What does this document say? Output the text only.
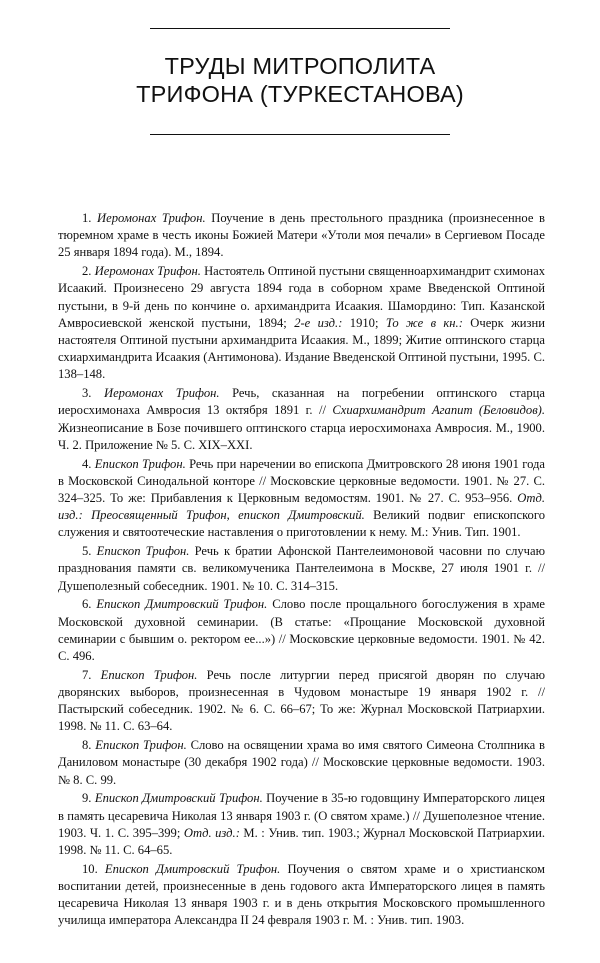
ТРУДЫ МИТРОПОЛИТА
ТРИФОНА (ТУРКЕСТАНОВА)

1. Иеромонах Трифон. Поучение в день престольного праздника (произнесенное в тюремном храме в честь иконы Божией Матери «Утоли моя печали» в Сергиевом Посаде 25 января 1894 года). М., 1894.

2. Иеромонах Трифон. Настоятель Оптиной пустыни священноархимандрит схимонах Исаакий. Произнесено 29 августа 1894 года в соборном храме Введенской Оптиной пустыни, в 9-й день по кончине о. архимандрита Исаакия. Шамордино: Тип. Казанской Амвросиевской женской пустыни, 1894; 2-е изд.: 1910; То же в кн.: Очерк жизни настоятеля Оптиной пустыни архимандрита Исаакия. М., 1899; Житие оптинского старца схиархимандрита Исаакия (Антимонова). Издание Введенской Оптиной пустыни, 1995. С. 138–148.

3. Иеромонах Трифон. Речь, сказанная на погребении оптинского старца иеросхимонаха Амвросия 13 октября 1891 г. // Схиархимандрит Агапит (Беловидов). Жизнеописание в Бозе почившего оптинского старца иеросхимонаха Амвросия. М., 1900. Ч. 2. Приложение № 5. С. XIX–XXI.

4. Епископ Трифон. Речь при наречении во епископа Дмитровского 28 июня 1901 года в Московской Синодальной конторе // Московские церковные ведомости. 1901. № 27. С. 324–325. То же: Прибавления к Церковным ведомостям. 1901. № 27. С. 953–956. Отд. изд.: Преосвященный Трифон, епископ Дмитровский. Великий подвиг епископского служения и святоотеческие наставления о приготовлении к нему. М.: Унив. Тип. 1901.

5. Епископ Трифон. Речь к братии Афонской Пантелеимоновой часовни по случаю празднования памяти св. великомученика Пантелеимона в Москве, 27 июля 1901 г. // Душеполезный собеседник. 1901. № 10. С. 314–315.

6. Епископ Дмитровский Трифон. Слово после прощального богослужения в храме Московской духовной семинарии. (В статье: «Прощание Московской духовной семинарии с бывшим о. ректором ее...») // Московские церковные ведомости. 1901. № 42. С. 496.

7. Епископ Трифон. Речь после литургии перед присягой дворян по случаю дворянских выборов, произнесенная в Чудовом монастыре 19 января 1902 г. // Пастырский собеседник. 1902. № 6. С. 66–67; То же: Журнал Московской Патриархии. 1998. № 11. С. 63–64.

8. Епископ Трифон. Слово на освящении храма во имя святого Симеона Столпника в Даниловом монастыре (30 декабря 1902 года) // Московские церковные ведомости. 1903. № 8. С. 99.

9. Епископ Дмитровский Трифон. Поучение в 35-ю годовщину Императорского лицея в память цесаревича Николая 13 января 1903 г. (О святом храме.) // Душеполезное чтение. 1903. Ч. 1. С. 395–399; Отд. изд.: М. : Унив. тип. 1903.; Журнал Московской Патриархии. 1998. № 11. С. 64–65.

10. Епископ Дмитровский Трифон. Поучения о святом храме и о христианском воспитании детей, произнесенные в день годового акта Императорского лицея в память цесаревича Николая 13 января 1903 г. и в день открытия Московского промышленного училища императора Александра II 24 февраля 1903 г. М. : Унив. тип. 1903.
